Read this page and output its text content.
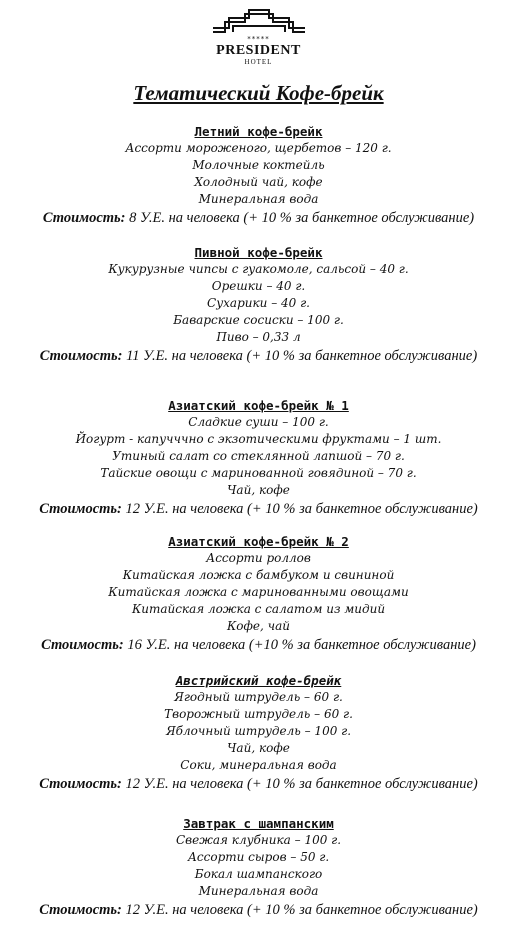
*****
PRESIDENT
HOTEL
Тематический Кофе-брейк
Летний кофе-брейк
Ассорти мороженого, щербетов – 120 г.
Молочные коктейль
Холодный чай, кофе
Минеральная вода
Стоимость: 8 У.Е. на человека (+ 10 % за банкетное обслуживание)
Пивной кофе-брейк
Кукурузные чипсы с гуакомоле, сальсой – 40 г.
Орешки – 40 г.
Сухарики – 40 г.
Баварские сосиски – 100 г.
Пиво – 0,33 л
Стоимость: 11 У.Е. на человека (+ 10 % за банкетное обслуживание)
Азиатский кофе-брейк № 1
Сладкие суши – 100 г.
Йогурт - капучччно с экзотическими фруктами – 1 шт.
Утиный салат со стеклянной лапшой – 70 г.
Тайские овощи с маринованной говядиной – 70 г.
Чай, кофе
Стоимость: 12 У.Е. на человека (+ 10 % за банкетное обслуживание)
Азиатский кофе-брейк № 2
Ассорти роллов
Китайская ложка с бамбуком и свининой
Китайская ложка с маринованными овощами
Китайская ложка с салатом из мидий
Кофе, чай
Стоимость: 16 У.Е. на человека (+10 % за банкетное обслуживание)
Австрийский кофе-брейк
Ягодный штрудель – 60 г.
Творожный штрудель – 60 г.
Яблочный штрудель – 100 г.
Чай, кофе
Соки, минеральная вода
Стоимость: 12 У.Е. на человека (+ 10 % за банкетное обслуживание)
Завтрак с шампанским
Свежая клубника – 100 г.
Ассорти сыров – 50 г.
Бокал шампанского
Минеральная вода
Стоимость: 12 У.Е. на человека (+ 10 % за банкетное обслуживание)
